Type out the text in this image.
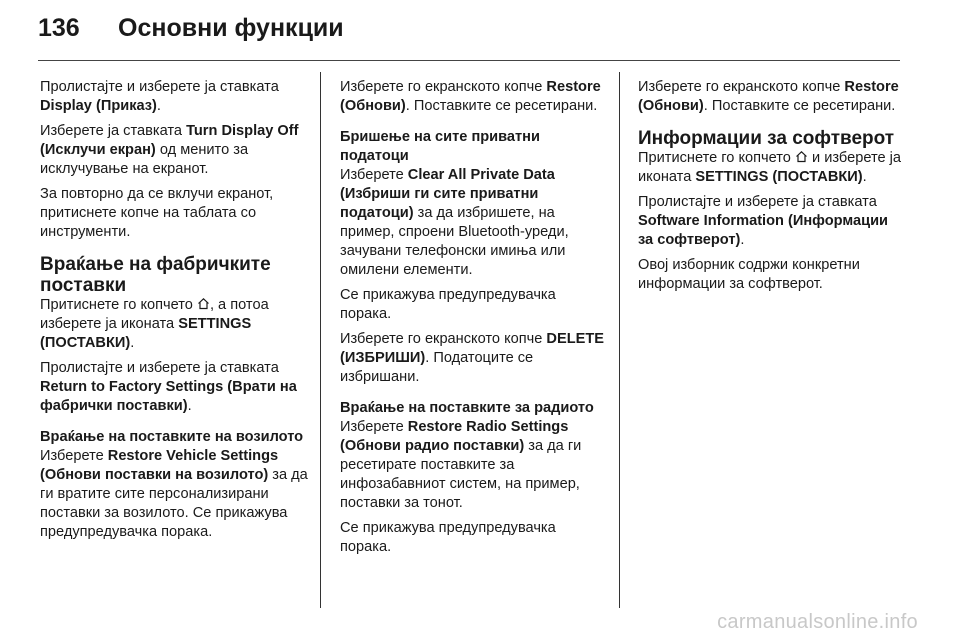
136	Основни функции

Пролистајте и изберете ја ставката Display (Приказ).

Изберете ја ставката Turn Display Off (Исклучи екран) од менито за исклучување на екранот.

За повторно да се вклучи екранот, притиснете копче на таблата со инструменти.

Враќање на фабричките поставки

Притиснете го копчето , а потоа изберете ја иконата SETTINGS (ПОСТАВКИ).

Пролистајте и изберете ја ставката Return to Factory Settings (Врати на фабрички поставки).

Враќање на поставките на возилото

Изберете Restore Vehicle Settings (Обнови поставки на возилото) за да ги вратите сите персонализирани поставки за возилото. Се прикажува предупредувачка порака.

Изберете го екранското копче Restore (Обнови). Поставките се ресетирани.

Бришење на сите приватни податоци

Изберете Clear All Private Data (Избриши ги сите приватни податоци) за да избришете, на пример, спроени Bluetooth-уреди, зачувани телефонски имиња или омилени елементи.

Се прикажува предупредувачка порака.

Изберете го екранското копче DELETE (ИЗБРИШИ). Податоците се избришани.

Враќање на поставките за радиото

Изберете Restore Radio Settings (Обнови радио поставки) за да ги ресетирате поставките за инфозабавниот систем, на пример, поставки за тонот.

Се прикажува предупредувачка порака.

Изберете го екранското копче Restore (Обнови). Поставките се ресетирани.

Информации за софтверот

Притиснете го копчето  и изберете ја иконата SETTINGS (ПОСТАВКИ).

Пролистајте и изберете ја ставката Software Information (Информации за софтверот).

Овој изборник содржи конкретни информации за софтверот.

carmanualsonline.info
